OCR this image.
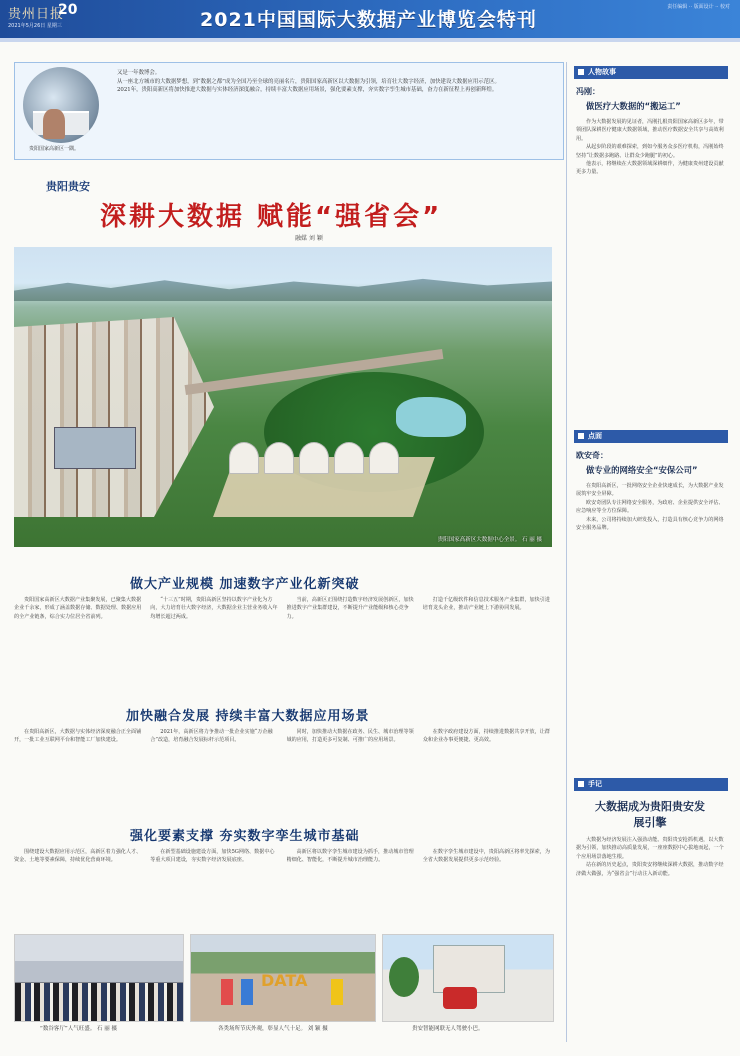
贵州日报
20
2021年5月26日 星期三	2021中国国际大数据产业博览会特刊
责任编辑 ·· 版面设计 ·· 校对
贵阳国家高新区一隅。
又是一年数博会。
从一座北方城市的大数据梦想，到“数据之都”成为全国乃至全球的亮丽名片，贵阳国家高新区以大数据为引领，培育壮大数字经济，加快建设大数据应用示范区。
2021年，贵阳高新区将加快推进大数据与实体经济深度融合，持续丰富大数据应用场景，强化要素支撑，夯实数字孪生城市基础，奋力在新征程上再创新辉煌。
贵阳贵安
深耕大数据 赋能“强省会”
融媒 刘 颖
贵阳国家高新区大数据中心全景。 石 丽 摄
做大产业规模 加速数字产业化新突破
贵阳国家高新区大数据产业集聚发展，已聚集大数据企业千余家，形成了涵盖数据存储、数据处理、数据应用的全产业链条，综合实力位居全省前列。
“十三五”时期，贵阳高新区坚持以数字产业化为方向，大力培育壮大数字经济，大数据企业主营业务收入年均增长超过两成。
当前，高新区正围绕打造数字经济发展创新区，加快推进数字产业集群建设，不断提升产业能级和核心竞争力。
打造千亿级软件和信息技术服务产业集群，加快引进培育龙头企业，推动产业链上下游协同发展。
加快融合发展 持续丰富大数据应用场景
在贵阳高新区，大数据与实体经济深度融合正全面铺开，一批工业互联网平台和智能工厂加快建设。
2021年，高新区将力争推动一批企业实施“万企融合”改造，培育融合发展标杆示范项目。
同时，加快推动大数据在政务、民生、城市治理等领域的应用，打造更多可复制、可推广的应用场景。
在数字政府建设方面，持续推进数据共享开放，让群众和企业办事更便捷、更高效。
强化要素支撑 夯实数字孪生城市基础
围绕建设大数据应用示范区，高新区着力强化人才、资金、土地等要素保障，持续优化营商环境。
在新型基础设施建设方面，加快5G网络、数据中心等重大项目建设，夯实数字经济发展底座。
高新区将以数字孪生城市建设为抓手，推动城市管理精细化、智能化，不断提升城市治理能力。
在数字孪生城市建设中，贵阳高新区将率先探索，为全省大数据发展提供更多示范经验。
“数谷客厅”人气旺盛。 石 丽 摄
DATA
各类场所节庆外观，彰显人气十足。 刘 颖 摄	贵安智能网联无人驾驶小巴。
人物故事
冯刚：
做医疗大数据的“搬运工”
作为大数据发展的见证者，冯刚扎根贵阳国家高新区多年，带领团队深耕医疗健康大数据领域，推动医疗数据安全共享与高效利用。
从起步阶段的艰难探索，到如今服务众多医疗机构，冯刚始终坚持“让数据多跑路、让群众少跑腿”的初心。
他表示，将继续在大数据领域深耕细作，为健康贵州建设贡献更多力量。
点面
欧安奇：
做专业的网络安全“安保公司”
在贵阳高新区，一批网络安全企业快速成长，为大数据产业发展筑牢安全屏障。
欧安奇团队专注网络安全服务，为政府、企业提供安全评估、应急响应等全方位保障。
未来，公司将持续加大研发投入，打造具有核心竞争力的网络安全服务品牌。
手记
大数据成为贵阳贵安发展引擎
大数据为经济发展注入强劲动能。贵阳贵安抢抓机遇，以大数据为引领，加快推动高质量发展，一座座数据中心拔地而起，一个个应用场景落地生根。
站在新的历史起点，贵阳贵安将继续深耕大数据，推动数字经济做大做强，为“强省会”行动注入新动能。
